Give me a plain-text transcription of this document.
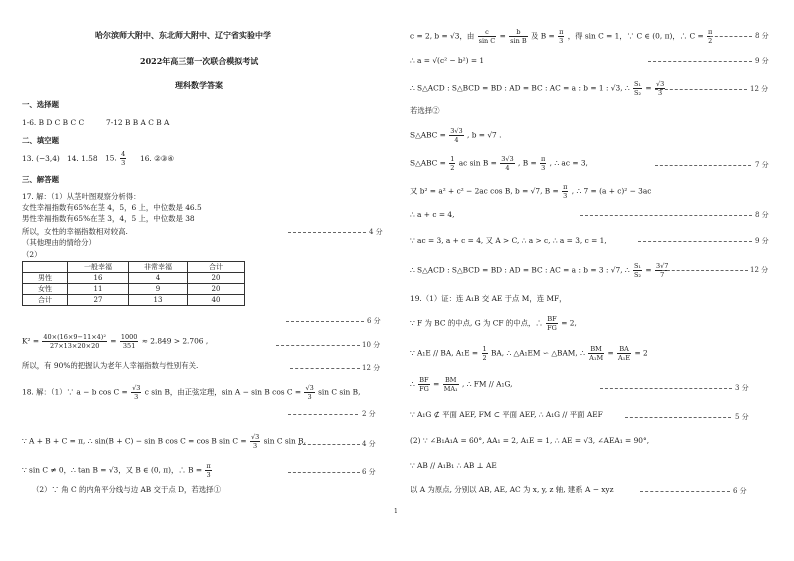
哈尔滨师大附中、东北师大附中、辽宁省实验中学
2022年高三第一次联合模拟考试
理科数学答案
一、选择题
1-6. B D C B C C	7-12 B B A C B A
二、填空题
13. (−3,4) 14. 1.58 15. $\frac{4}{3} 16$. ②③④
三、解答题
17. 解：（1）从茎叶图观察分析得：
女性幸福指数有65%在茎 4，5，6 上，中位数是 46.5
男性幸福指数有65%在茎 3，4，5 上，中位数是 38
所以，女性的幸福指数相对较高.	4 分
（其他理由的情给分）
（2）
	一般幸福	非常幸福	合计
男性	16	4	20
女性	11	9	20
合计	27	13	40
6 分
$K^2 = \frac{\text{40×(16×9−11×4)²}}{27\times 13\times 20\times 20} = \frac{1000}{351} \approx 2.849 > 2.706$ ,	10 分
所以，有 90%的把握认为老年人幸福指数与性别有关.	12 分
18. 解：（1）∵ a − b $\cos C = \frac{√3}{3}$ c sin B，由正弦定理，sin A − sin B $\cos C = \frac{√3}{3}$ sin C sin B,
2 分
∵ A + B + C = π, ∴ sin(B + C) − sin B cos C = cos B $\sin C = \frac{√3}{3}$ sin C sin B,	4 分
∵ sin C ≠ 0，∴ tan B = √3，又 B ∈ (0, π)，∴ $B = \frac{\pi}{3}$	6 分
（2）∵ 角 C 的内角平分线与边 AB 交于点 D，若选择①
c = 2, b = √3，由 $\frac{c}{\text{sin C}} = \frac{b}{\text{sin B}}$ 及 $B = \frac{\pi}{3}$ ，得 sin C = 1，∵ C ∈ (0, π)，∴ $C = \frac{\pi}{2}$	8 分
∴ a = √(c² − b²) = 1	9 分
∴ S△ACD : S△BCD = BD : AD = BC : AC = a : b = 1 : √3, ∴ $\frac{\text{S₁}}{\text{S₂}} = \frac{√3}{3}$	12 分
若选择②
S△ABC = $\frac{3√3}{4}$ , b = √7 .
S△ABC = $\frac{1}{2}$ ac $\sin B = \frac{3√3}{4}$ , $B = \frac{\pi}{3}$ , ∴ ac = 3,	7 分
又 b² = a² + c² − 2ac cos B, b = √7, $B = \frac{\pi}{3}$ , ∴ 7 = (a + c)² − 3ac
∴ a + c = 4,	8 分
∵ ac = 3, a + c = 4, 又 A > C, ∴ a > c, ∴ a = 3, c = 1,	9 分
∴ S△ACD : S△BCD = BD : AD = BC : AC = a : b = 3 : √7, ∴ $\frac{\text{S₁}}{\text{S₂}} = \frac{3√7}{7}$	12 分
19.（1）证：连 A₁B 交 AE 于点 M，连 MF，
∵ F 为 BC 的中点, G 为 CF 的中点，∴ $\frac{BF}{FG} = 2$,
∵ A₁E // BA, $A_1E = \frac{1}{2}$ BA, ∴ △A₁EM ∽ △BAM, ∴ $\frac{BM}{\text{A₁M}} = \frac{BA}{\text{A₁E}} = 2$
∴ $\frac{BF}{FG} = \frac{BM}{\text{MA₁}}$ , ∴ FM // A₁G,	3 分
∵ A₁G ⊄ 平面 AEF, FM ⊂ 平面 AEF, ∴ A₁G // 平面 AEF	5 分
(2) ∵ ∠B₁A₁A = 60°, AA₁ = 2, A₁E = 1, ∴ AE = √3, ∠AEA₁ = 90°,
∵ AB // A₁B₁ ∴ AB ⊥ AE
以 A 为原点, 分别以 AB, AE, AC 为 x, y, z 轴, 建系 A − xyz	6 分
1
